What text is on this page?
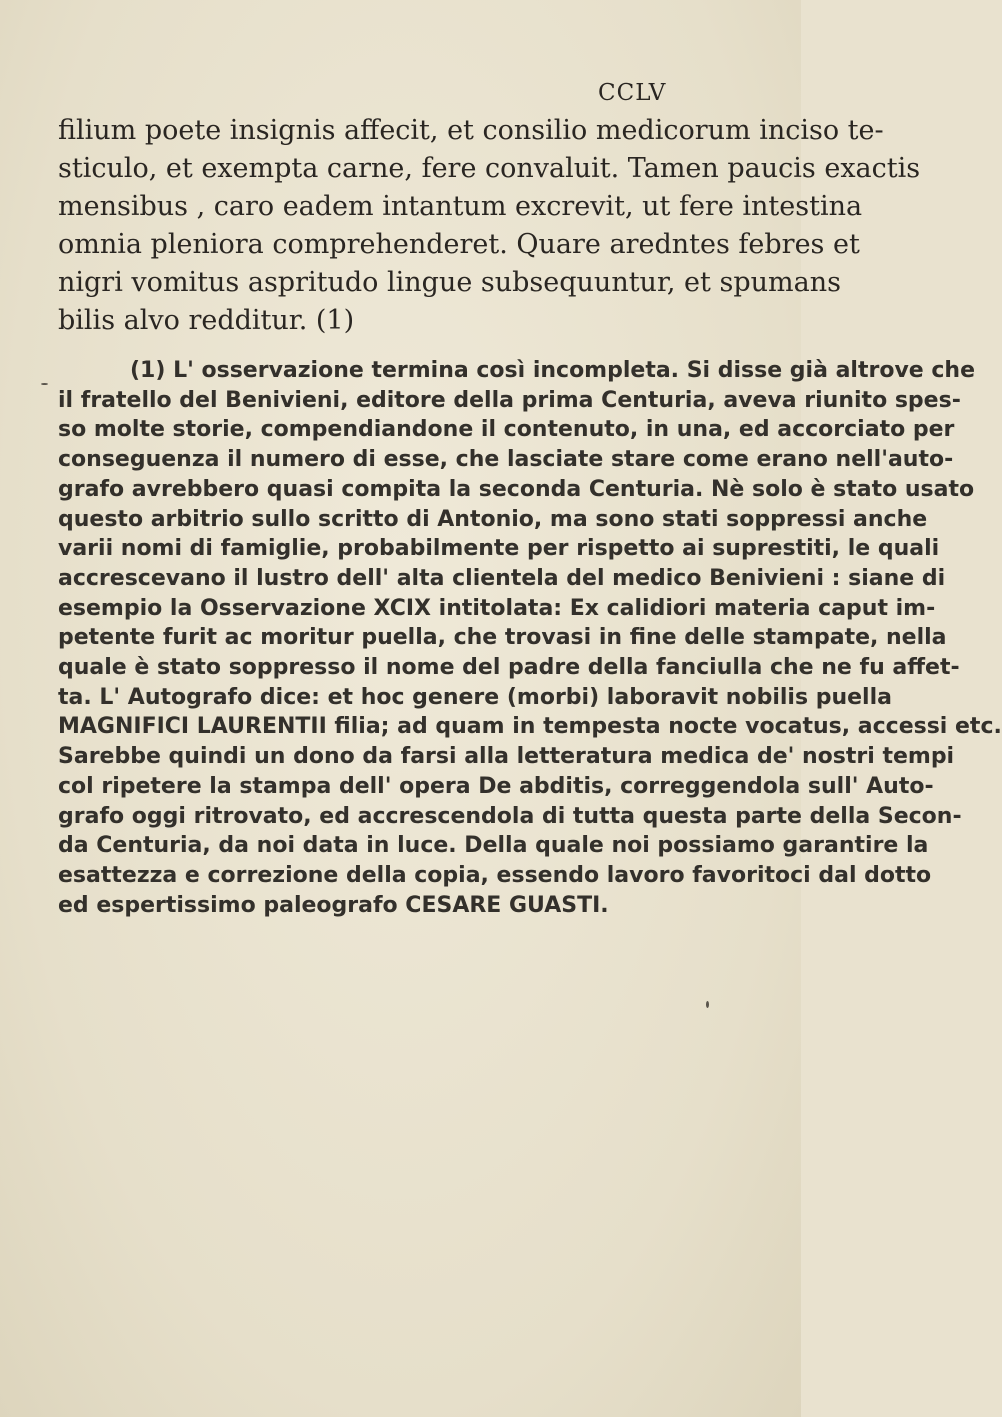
CCLV
filium poete insignis affecit, et consilio medicorum inciso te-
sticulo, et exempta carne, fere convaluit. Tamen paucis exactis
mensibus , caro eadem intantum excrevit, ut fere intestina
omnia pleniora comprehenderet. Quare aredntes febres et
nigri vomitus aspritudo lingue subsequuntur, et spumans
bilis alvo redditur. (1)
(1) L' osservazione termina così incompleta. Si disse già altrove che
il fratello del Benivieni, editore della prima Centuria, aveva riunito spes-
so molte storie, compendiandone il contenuto, in una, ed accorciato per
conseguenza il numero di esse, che lasciate stare come erano nell'auto-
grafo avrebbero quasi compita la seconda Centuria. Nè solo è stato usato
questo arbitrio sullo scritto di Antonio, ma sono stati soppressi anche
varii nomi di famiglie, probabilmente per rispetto ai suprestiti, le quali
accrescevano il lustro dell' alta clientela del medico Benivieni : siane di
esempio la Osservazione XCIX intitolata: Ex calidiori materia caput im-
petente furit ac moritur puella, che trovasi in fine delle stampate, nella
quale è stato soppresso il nome del padre della fanciulla che ne fu affet-
ta. L' Autografo dice: et hoc genere (morbi) laboravit nobilis puella
MAGNIFICI LAURENTII filia; ad quam in tempesta nocte vocatus, accessi etc.
Sarebbe quindi un dono da farsi alla letteratura medica de' nostri tempi
col ripetere la stampa dell' opera De abditis, correggendola sull' Auto-
grafo oggi ritrovato, ed accrescendola di tutta questa parte della Secon-
da Centuria, da noi data in luce. Della quale noi possiamo garantire la
esattezza e correzione della copia, essendo lavoro favoritoci dal dotto
ed espertissimo paleografo CESARE GUASTI.
